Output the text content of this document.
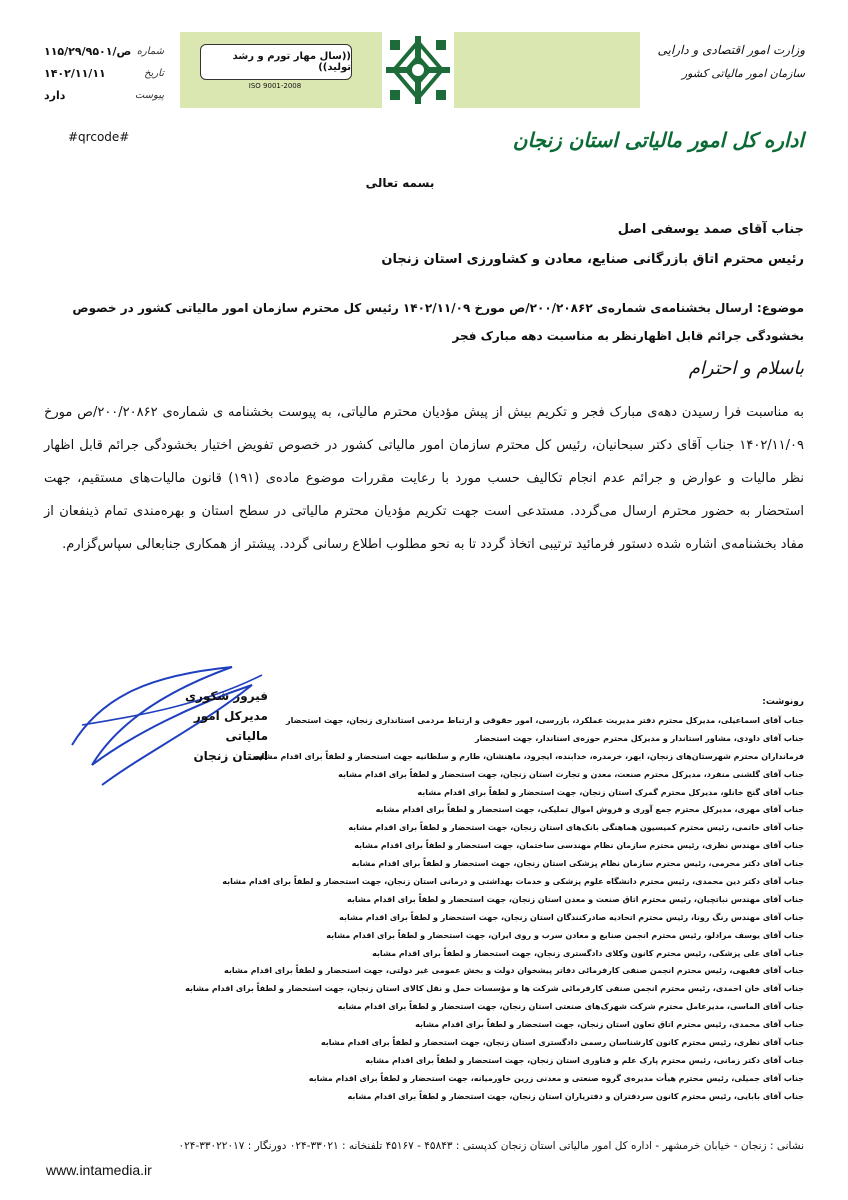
شماره
۱۱۵/۲۹/۹۵۰۱/ص
تاریخ
۱۴۰۲/۱۱/۱۱
پیوست
دارد
((سال مهار تورم و رشد تولید))
ISO 9001-2008
وزارت امور اقتصادی و دارایی
سازمان امور مالیاتی کشور
اداره کل امور مالیاتی استان زنجان
#qrcode#
بسمه تعالی
جناب آقای صمد یوسفی اصل
رئیس محترم اتاق بازرگانی صنایع، معادن و کشاورزی استان زنجان
موضوع: ارسال بخشنامه‌ی شماره‌ی ۲۰۰/۲۰۸۶۲/ص مورخ ۱۴۰۲/۱۱/۰۹ رئیس کل محترم سازمان امور مالیاتی کشور در خصوص
بخشودگی جرائم قابل اظهارنظر به مناسبت دهه مبارک فجر
باسلام و احترام
به مناسبت فرا رسیدن دهه‌ی مبارک فجر و تکریم بیش از پیش مؤدیان محترم مالیاتی، به پیوست بخشنامه ی شماره‌ی ۲۰۰/۲۰۸۶۲/ص مورخ ۱۴۰۲/۱۱/۰۹ جناب آقای دکتر سبحانیان، رئیس کل محترم سازمان امور مالیاتی کشور در خصوص تفویض اختیار بخشودگی جرائم قابل اظهار نظر مالیات و عوارض و جرائم عدم انجام تکالیف حسب مورد با رعایت مقررات موضوع ماده‌ی (۱۹۱) قانون مالیات‌های مستقیم، جهت استحضار به حضور محترم ارسال می‌گردد. مستدعی است جهت تکریم مؤدیان محترم مالیاتی در سطح استان و بهره‌مندی تمام ذینفعان از مفاد بخشنامه‌ی اشاره شده دستور فرمائید ترتیبی اتخاذ گردد تا به نحو مطلوب اطلاع رسانی گردد. پیشتر از همکاری جنابعالی سپاس‌گزارم.
فیروز شکوری
مدیرکل امور مالیاتی
استان زنجان
رونوشت:
جناب آقای اسماعیلی، مدیرکل محترم دفتر مدیریت عملکرد، بازرسی، امور حقوقی و ارتباط مردمی استانداری زنجان، جهت استحضار
جناب آقای داودی، مشاور استاندار و مدیرکل محترم حوزه‌ی استاندار، جهت استحضار
فرمانداران محترم شهرستان‌های زنجان، ابهر، خرمدره، خدابنده، ایجرود، ماهنشان، طارم و سلطانیه جهت استحضار و لطفاً برای اقدام مشابه
جناب آقای گلشنی منفرد، مدیرکل محترم صنعت، معدن و تجارت استان زنجان، جهت استحضار و لطفاً برای اقدام مشابه
جناب آقای گنج خانلو، مدیرکل محترم گمرک استان زنجان، جهت استحضار و لطفاً برای اقدام مشابه
جناب آقای مهری، مدیرکل محترم جمع آوری و فروش اموال تملیکی، جهت استحضار و لطفاً برای اقدام مشابه
جناب آقای خاتمی، رئیس محترم کمیسیون هماهنگی بانک‌های استان زنجان، جهت استحضار و لطفاً برای اقدام مشابه
جناب آقای مهندس نظری، رئیس محترم سازمان نظام مهندسی ساختمان، جهت استحضار و لطفاً برای اقدام مشابه
جناب آقای دکتر محرمی، رئیس محترم سازمان نظام پزشکی استان زنجان، جهت استحضار و لطفاً برای اقدام مشابه
جناب آقای دکتر دین محمدی، رئیس محترم دانشگاه علوم پزشکی و خدمات بهداشتی و درمانی استان زنجان، جهت استحضار و لطفاً برای اقدام مشابه
جناب آقای مهندس نباتچیان، رئیس محترم اتاق صنعت و معدن استان زنجان، جهت استحضار و لطفاً برای اقدام مشابه
جناب آقای مهندس رنگ رونا، رئیس محترم اتحادیه صادرکنندگان استان زنجان، جهت استحضار و لطفاً برای اقدام مشابه
جناب آقای یوسف مرادلو، رئیس محترم انجمن صنایع و معادن سرب و روی ایران، جهت استحضار و لطفاً برای اقدام مشابه
جناب آقای علی پزشکی، رئیس محترم کانون وکلای دادگستری زنجان، جهت استحضار و لطفاً برای اقدام مشابه
جناب آقای فقیهی، رئیس محترم انجمن صنفی کارفرمائی دفاتر پیشخوان دولت و بخش عمومی غیر دولتی، جهت استحضار و لطفاً برای اقدام مشابه
جناب آقای خان احمدی، رئیس محترم انجمن صنفی کارفرمائی شرکت ها و مؤسسات حمل و نقل کالای استان زنجان، جهت استحضار و لطفاً برای اقدام مشابه
جناب آقای الماسی، مدیرعامل محترم شرکت شهرک‌های صنعتی استان زنجان، جهت استحضار و لطفاً برای اقدام مشابه
جناب آقای محمدی، رئیس محترم اتاق تعاون استان زنجان، جهت استحضار و لطفاً برای اقدام مشابه
جناب آقای نظری، رئیس محترم کانون کارشناسان رسمی دادگستری استان زنجان، جهت استحضار و لطفاً برای اقدام مشابه
جناب آقای دکتر زمانی، رئیس محترم پارک علم و فناوری استان زنجان، جهت استحضار و لطفاً برای اقدام مشابه
جناب آقای جمیلی، رئیس محترم هیأت مدیره‌ی گروه صنعتی و معدنی زرین خاورمیانه، جهت استحضار و لطفاً برای اقدام مشابه
جناب آقای بابایی، رئیس محترم کانون سردفتران و دفتریاران استان زنجان، جهت استحضار و لطفاً برای اقدام مشابه
نشانی : زنجان - خیابان خرمشهر - اداره کل امور مالیاتی استان زنجان کدپستی : ۴۵۸۴۳ - ۴۵۱۶۷ تلفنخانه : ۳۳۰۲۱-۰۲۴ دورنگار : ۳۳۰۲۲۰۱۷-۰۲۴
www.intamedia.ir
